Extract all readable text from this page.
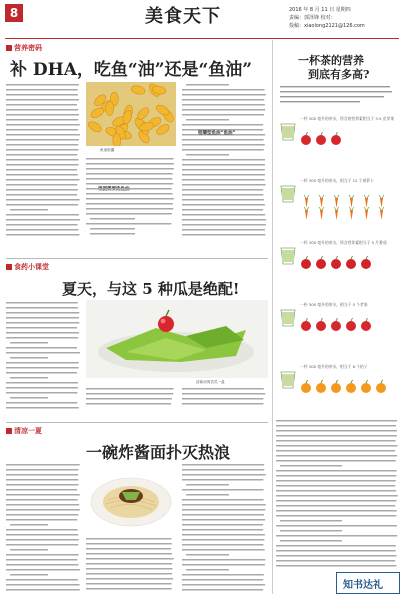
8	美食天下	2016 年 8 月 11 日 星期四
责编：郭泽锋 校对：
投稿：xiaolong2121@126.com
营养密码
补 DHA，吃鱼“油”还是“鱼油”
鱼油胶囊
咀嚼型鱼油“鱼油”
食药小课堂
夏天，与这 5 种瓜是绝配!
清新凉爽苦瓜一盘
清凉一夏
一碗炸酱面扑灭热浪
一杯茶的营养
到底有多高?
一杯 300 毫升的茶水，所含的营养素相当于 3.5 克苹果
一杯 300 毫升的茶水，相当于 12 个胡萝卜
一杯 300 毫升的茶水，所含营养素相当于 5 片番茄
一杯 300 毫升的茶水，相当于 5 个苹果
一杯 300 毫升的茶水，相当于 6 个桔子
知书达礼
